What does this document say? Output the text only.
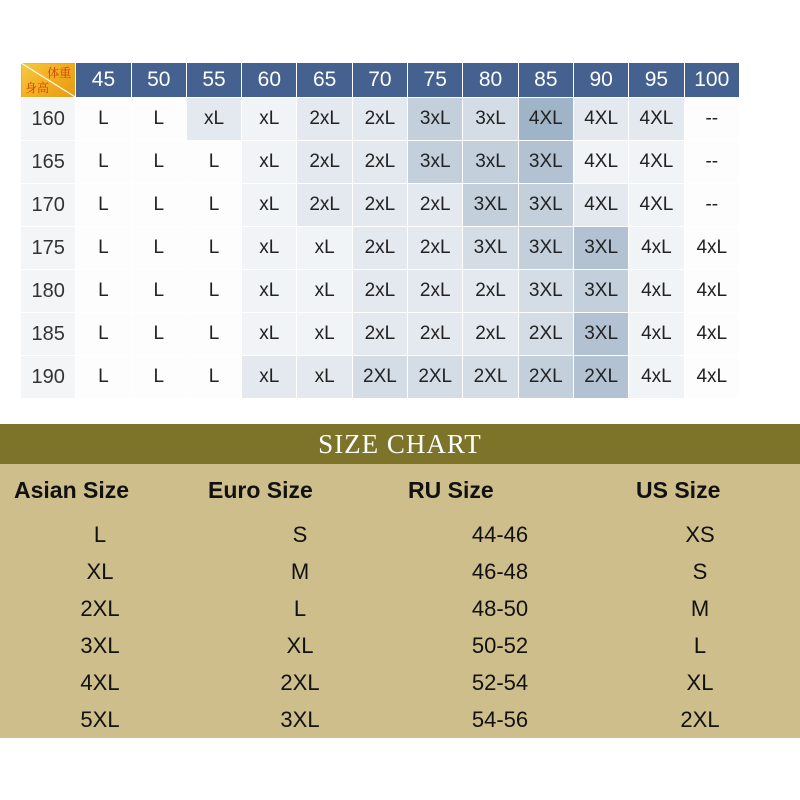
体重
身高	45	50	55	60	65	70	75	80	85	90	95	100
160	L	L	xL	xL	2xL	2xL	3xL	3xL	4XL	4XL	4XL	--
165	L	L	L	xL	2xL	2xL	3xL	3xL	3XL	4XL	4XL	--
170	L	L	L	xL	2xL	2xL	2xL	3XL	3XL	4XL	4XL	--
175	L	L	L	xL	xL	2xL	2xL	3XL	3XL	3XL	4xL	4xL
180	L	L	L	xL	xL	2xL	2xL	2xL	3XL	3XL	4xL	4xL
185	L	L	L	xL	xL	2xL	2xL	2xL	2XL	3XL	4xL	4xL
190	L	L	L	xL	xL	2XL	2XL	2XL	2XL	2XL	4xL	4xL
SIZE CHART
Asian Size	Euro Size	RU Size	US Size
L	S	44-46	XS
XL	M	46-48	S
2XL	L	48-50	M
3XL	XL	50-52	L
4XL	2XL	52-54	XL
5XL	3XL	54-56	2XL
